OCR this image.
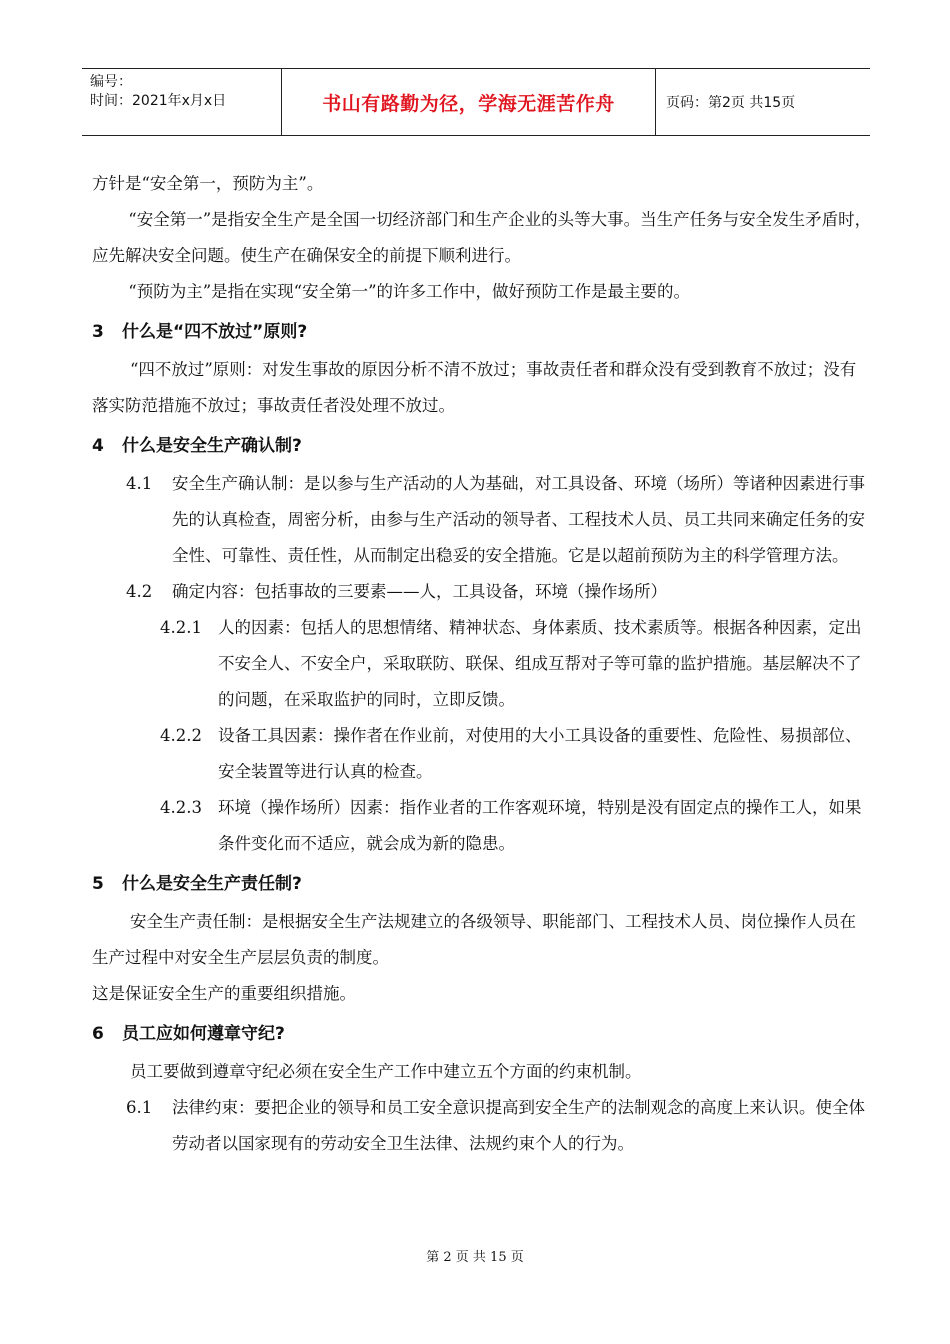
编号：
时间：2021年x月x日	书山有路勤为径，学海无涯苦作舟	页码：第2页 共15页

方针是“安全第一，预防为主”。

“安全第一”是指安全生产是全国一切经济部门和生产企业的头等大事。当生产任务与安全发生矛盾时，应先解决安全问题。使生产在确保安全的前提下顺利进行。

“预防为主”是指在实现“安全第一”的许多工作中，做好预防工作是最主要的。

3 什么是“四不放过”原则?

“四不放过”原则：对发生事故的原因分析不清不放过；事故责任者和群众没有受到教育不放过；没有落实防范措施不放过；事故责任者没处理不放过。

4 什么是安全生产确认制?

4.1 安全生产确认制：是以参与生产活动的人为基础，对工具设备、环境（场所）等诸种因素进行事先的认真检查，周密分析，由参与生产活动的领导者、工程技术人员、员工共同来确定任务的安全性、可靠性、责任性，从而制定出稳妥的安全措施。它是以超前预防为主的科学管理方法。

4.2 确定内容：包括事故的三要素——人，工具设备，环境（操作场所）

4.2.1 人的因素：包括人的思想情绪、精神状态、身体素质、技术素质等。根据各种因素，定出不安全人、不安全户，采取联防、联保、组成互帮对子等可靠的监护措施。基层解决不了的问题，在采取监护的同时，立即反馈。

4.2.2 设备工具因素：操作者在作业前，对使用的大小工具设备的重要性、危险性、易损部位、安全装置等进行认真的检查。

4.2.3 环境（操作场所）因素：指作业者的工作客观环境，特别是没有固定点的操作工人，如果条件变化而不适应，就会成为新的隐患。

5 什么是安全生产责任制?

安全生产责任制：是根据安全生产法规建立的各级领导、职能部门、工程技术人员、岗位操作人员在生产过程中对安全生产层层负责的制度。

这是保证安全生产的重要组织措施。

6 员工应如何遵章守纪?

员工要做到遵章守纪必须在安全生产工作中建立五个方面的约束机制。

6.1 法律约束：要把企业的领导和员工安全意识提高到安全生产的法制观念的高度上来认识。使全体劳动者以国家现有的劳动安全卫生法律、法规约束个人的行为。

第 2 页 共 15 页
